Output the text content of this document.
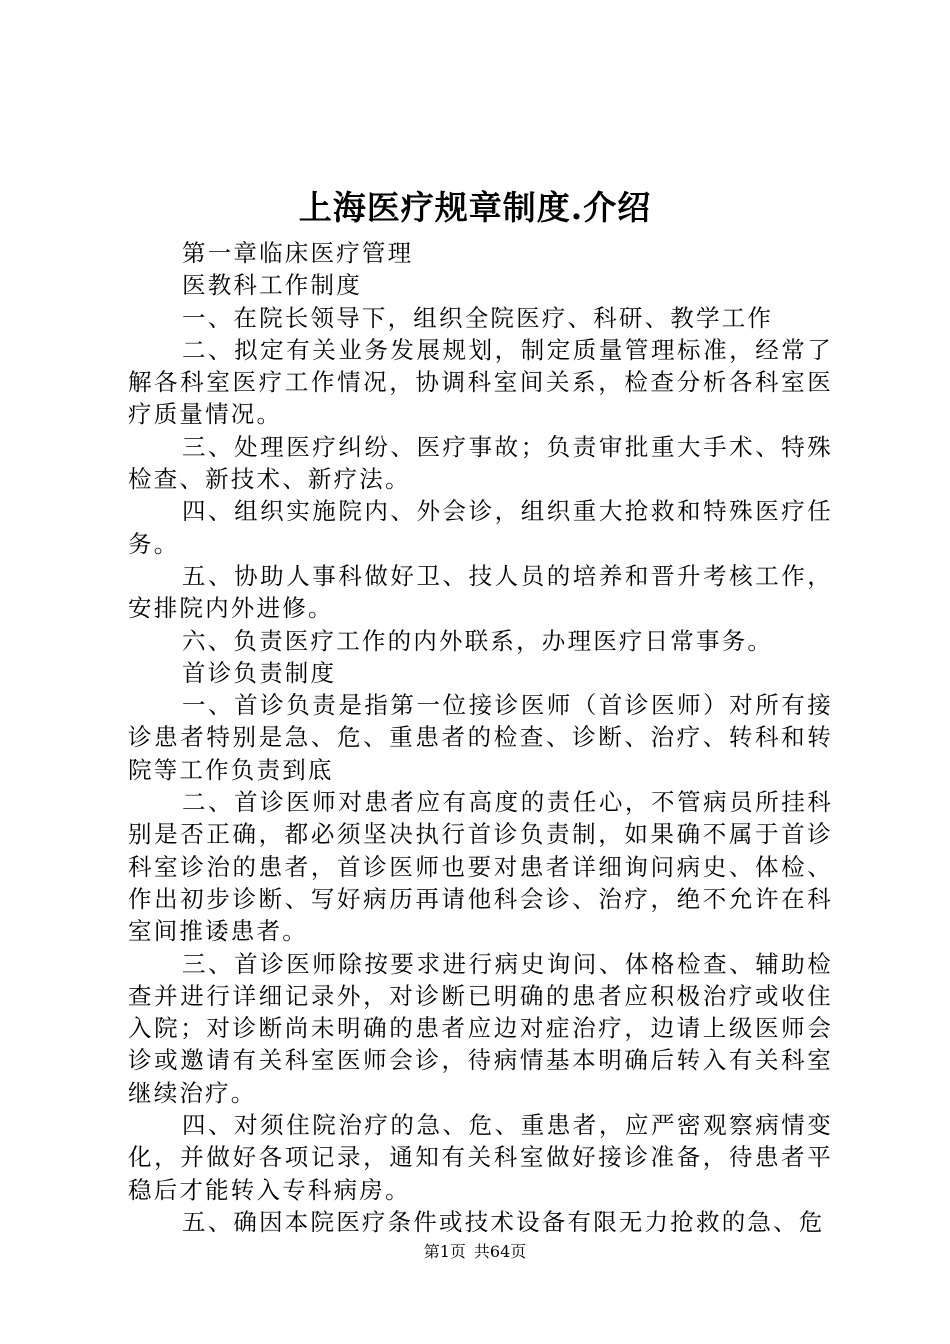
上海医疗规章制度.介绍

第一章临床医疗管理

医教科工作制度

一、在院长领导下，组织全院医疗、科研、教学工作

二、拟定有关业务发展规划，制定质量管理标准，经常了解各科室医疗工作情况，协调科室间关系，检查分析各科室医疗质量情况。

三、处理医疗纠纷、医疗事故；负责审批重大手术、特殊检查、新技术、新疗法。

四、组织实施院内、外会诊，组织重大抢救和特殊医疗任务。

五、协助人事科做好卫、技人员的培养和晋升考核工作，安排院内外进修。

六、负责医疗工作的内外联系，办理医疗日常事务。

首诊负责制度

一、首诊负责是指第一位接诊医师（首诊医师）对所有接诊患者特别是急、危、重患者的检查、诊断、治疗、转科和转院等工作负责到底

二、首诊医师对患者应有高度的责任心，不管病员所挂科别是否正确，都必须坚决执行首诊负责制，如果确不属于首诊科室诊治的患者，首诊医师也要对患者详细询问病史、体检、作出初步诊断、写好病历再请他科会诊、治疗，绝不允许在科室间推诿患者。

三、首诊医师除按要求进行病史询问、体格检查、辅助检查并进行详细记录外，对诊断已明确的患者应积极治疗或收住入院；对诊断尚未明确的患者应边对症治疗，边请上级医师会诊或邀请有关科室医师会诊，待病情基本明确后转入有关科室继续治疗。

四、对须住院治疗的急、危、重患者，应严密观察病情变化，并做好各项记录，通知有关科室做好接诊准备，待患者平稳后才能转入专科病房。

五、确因本院医疗条件或技术设备有限无力抢救的急、危

第1页 共64页
